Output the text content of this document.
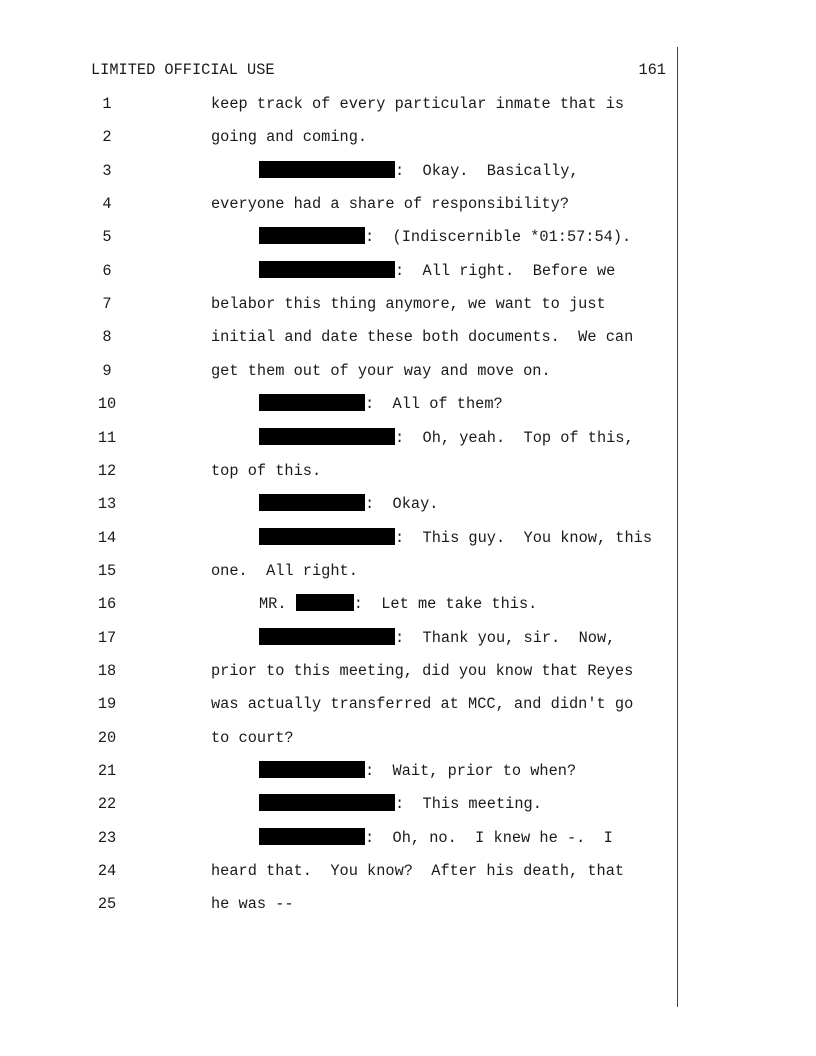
LIMITED OFFICIAL USE	161
1	keep track of every particular inmate that is
2	going and coming.
3	:  Okay.  Basically,
4	everyone had a share of responsibility?
5	:  (Indiscernible *01:57:54).
6	:  All right.  Before we
7	belabor this thing anymore, we want to just
8	initial and date these both documents.  We can
9	get them out of your way and move on.
10	:  All of them?
11	:  Oh, yeah.  Top of this,
12	top of this.
13	:  Okay.
14	:  This guy.  You know, this
15	one.  All right.
16	MR.	:  Let me take this.
17	:  Thank you, sir.  Now,
18	prior to this meeting, did you know that Reyes
19	was actually transferred at MCC, and didn't go
20	to court?
21	:  Wait, prior to when?
22	:  This meeting.
23	:  Oh, no.  I knew he -.  I
24	heard that.  You know?  After his death, that
25	he was --
